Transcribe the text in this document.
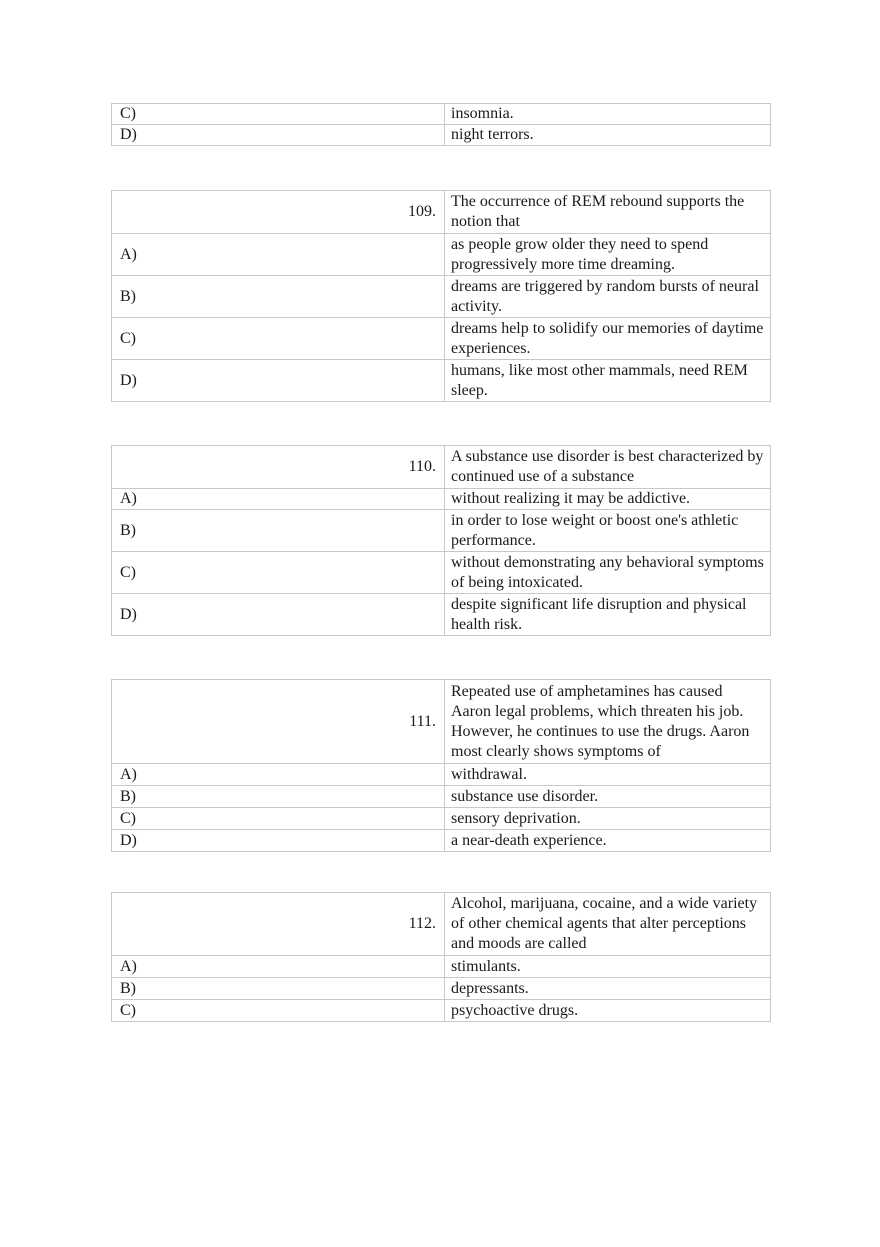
C)	insomnia.
D)	night terrors.
109.	The occurrence of REM rebound supports the notion that
A)	as people grow older they need to spend progressively more time dreaming.
B)	dreams are triggered by random bursts of neural activity.
C)	dreams help to solidify our memories of daytime experiences.
D)	humans, like most other mammals, need REM sleep.
110.	A substance use disorder is best characterized by continued use of a substance
A)	without realizing it may be addictive.
B)	in order to lose weight or boost one's athletic performance.
C)	without demonstrating any behavioral symptoms of being intoxicated.
D)	despite significant life disruption and physical health risk.
111.	Repeated use of amphetamines has caused Aaron legal problems, which threaten his job. However, he continues to use the drugs. Aaron most clearly shows symptoms of
A)	withdrawal.
B)	substance use disorder.
C)	sensory deprivation.
D)	a near-death experience.
112.	Alcohol, marijuana, cocaine, and a wide variety of other chemical agents that alter perceptions and moods are called
A)	stimulants.
B)	depressants.
C)	psychoactive drugs.
